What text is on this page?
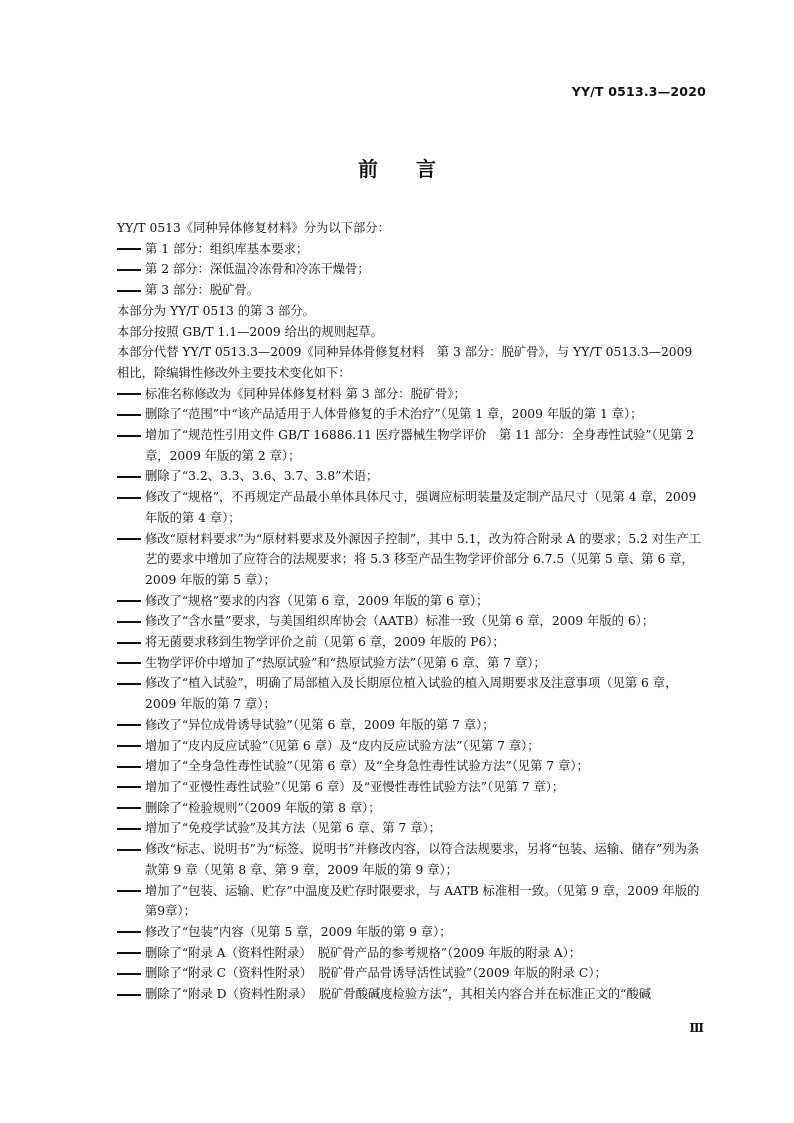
YY/T 0513.3—2020
前言

YY/T 0513《同种异体修复材料》分为以下部分：

第 1 部分：组织库基本要求；

第 2 部分：深低温冷冻骨和冷冻干燥骨；

第 3 部分：脱矿骨。

本部分为 YY/T 0513 的第 3 部分。

本部分按照 GB/T 1.1—2009 给出的规则起草。

本部分代替 YY/T 0513.3—2009《同种异体骨修复材料　第 3 部分：脱矿骨》，与 YY/T 0513.3—2009 相比，除编辑性修改外主要技术变化如下：

标准名称修改为《同种异体修复材料 第 3 部分：脱矿骨》；

删除了“范围”中“该产品适用于人体骨修复的手术治疗”（见第 1 章，2009 年版的第 1 章）；

增加了“规范性引用文件 GB/T 16886.11 医疗器械生物学评价　第 11 部分：全身毒性试验”（见第 2 章，2009 年版的第 2 章）；

删除了“3.2、3.3、3.6、3.7、3.8”术语；

修改了“规格”，不再规定产品最小单体具体尺寸，强调应标明装量及定制产品尺寸（见第 4 章，2009 年版的第 4 章）；

修改“原材料要求”为“原材料要求及外源因子控制”，其中 5.1，改为符合附录 A 的要求；5.2 对生产工艺的要求中增加了应符合的法规要求；将 5.3 移至产品生物学评价部分 6.7.5（见第 5 章、第 6 章，2009 年版的第 5 章）；

修改了“规格”要求的内容（见第 6 章，2009 年版的第 6 章）；

修改了“含水量”要求，与美国组织库协会（AATB）标准一致（见第 6 章，2009 年版的 6）；

将无菌要求移到生物学评价之前（见第 6 章，2009 年版的 P6）；

生物学评价中增加了“热原试验”和“热原试验方法”（见第 6 章、第 7 章）；

修改了“植入试验”，明确了局部植入及长期原位植入试验的植入周期要求及注意事项（见第 6 章，2009 年版的第 7 章）；

修改了“异位成骨诱导试验”（见第 6 章，2009 年版的第 7 章）；

增加了“皮内反应试验”（见第 6 章）及“皮内反应试验方法”（见第 7 章）；

增加了“全身急性毒性试验”（见第 6 章）及“全身急性毒性试验方法”（见第 7 章）；

增加了“亚慢性毒性试验”（见第 6 章）及“亚慢性毒性试验方法”（见第 7 章）；

删除了“检验规则”（2009 年版的第 8 章）；

增加了“免疫学试验”及其方法（见第 6 章、第 7 章）；

修改“标志、说明书”为“标签、说明书”并修改内容，以符合法规要求，另将“包装、运输、储存”列为条款第 9 章（见第 8 章、第 9 章，2009 年版的第 9 章）；

增加了“包装、运输、贮存”中温度及贮存时限要求，与 AATB 标准相一致。（见第 9 章，2009 年版的第9章）；

修改了“包装”内容（见第 5 章，2009 年版的第 9 章）；

删除了“附录 A（资料性附录）　脱矿骨产品的参考规格”（2009 年版的附录 A）；

删除了“附录 C（资料性附录）　脱矿骨产品骨诱导活性试验”（2009 年版的附录 C）；

删除了“附录 D（资料性附录）　脱矿骨酸碱度检验方法”，其相关内容合并在标准正文的“酸碱

Ⅲ
